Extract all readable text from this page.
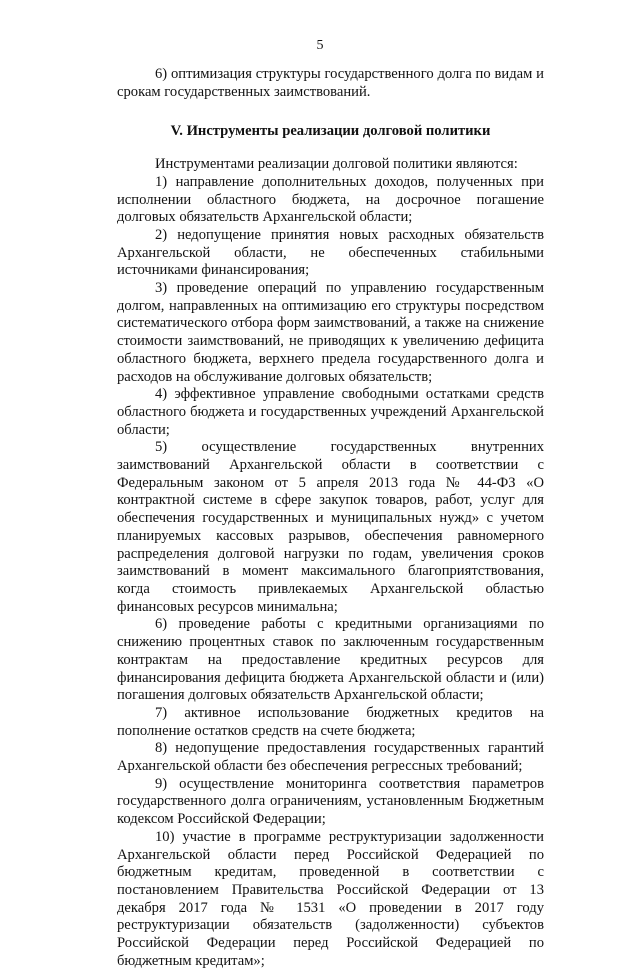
5

6) оптимизация структуры государственного долга по видам и срокам государственных заимствований.

V. Инструменты реализации долговой политики

Инструментами реализации долговой политики являются:

1) направление дополнительных доходов, полученных при исполнении областного бюджета, на досрочное погашение долговых обязательств Архангельской области;

2) недопущение принятия новых расходных обязательств Архангельской области, не обеспеченных стабильными источниками финансирования;

3) проведение операций по управлению государственным долгом, направленных на оптимизацию его структуры посредством систематического отбора форм заимствований, а также на снижение стоимости заимствований, не приводящих к увеличению дефицита областного бюджета, верхнего предела государственного долга и расходов на обслуживание долговых обязательств;

4) эффективное управление свободными остатками средств областного бюджета и государственных учреждений Архангельской области;

5) осуществление государственных внутренних заимствований Архангельской области в соответствии с Федеральным законом от 5 апреля 2013 года № 44-ФЗ «О контрактной системе в сфере закупок товаров, работ, услуг для обеспечения государственных и муниципальных нужд» с учетом планируемых кассовых разрывов, обеспечения равномерного распределения долговой нагрузки по годам, увеличения сроков заимствований в момент максимального благоприятствования, когда стоимость привлекаемых Архангельской областью финансовых ресурсов минимальна;

6) проведение работы с кредитными организациями по снижению процентных ставок по заключенным государственным контрактам на предоставление кредитных ресурсов для финансирования дефицита бюджета Архангельской области и (или) погашения долговых обязательств Архангельской области;

7) активное использование бюджетных кредитов на пополнение остатков средств на счете бюджета;

8) недопущение предоставления государственных гарантий Архангельской области без обеспечения регрессных требований;

9) осуществление мониторинга соответствия параметров государственного долга ограничениям, установленным Бюджетным кодексом Российской Федерации;

10) участие в программе реструктуризации задолженности Архангельской области перед Российской Федерацией по бюджетным кредитам, проведенной в соответствии с постановлением Правительства Российской Федерации от 13 декабря 2017 года № 1531 «О проведении в 2017 году реструктуризации обязательств (задолженности) субъектов Российской Федерации перед Российской Федерацией по бюджетным кредитам»;
